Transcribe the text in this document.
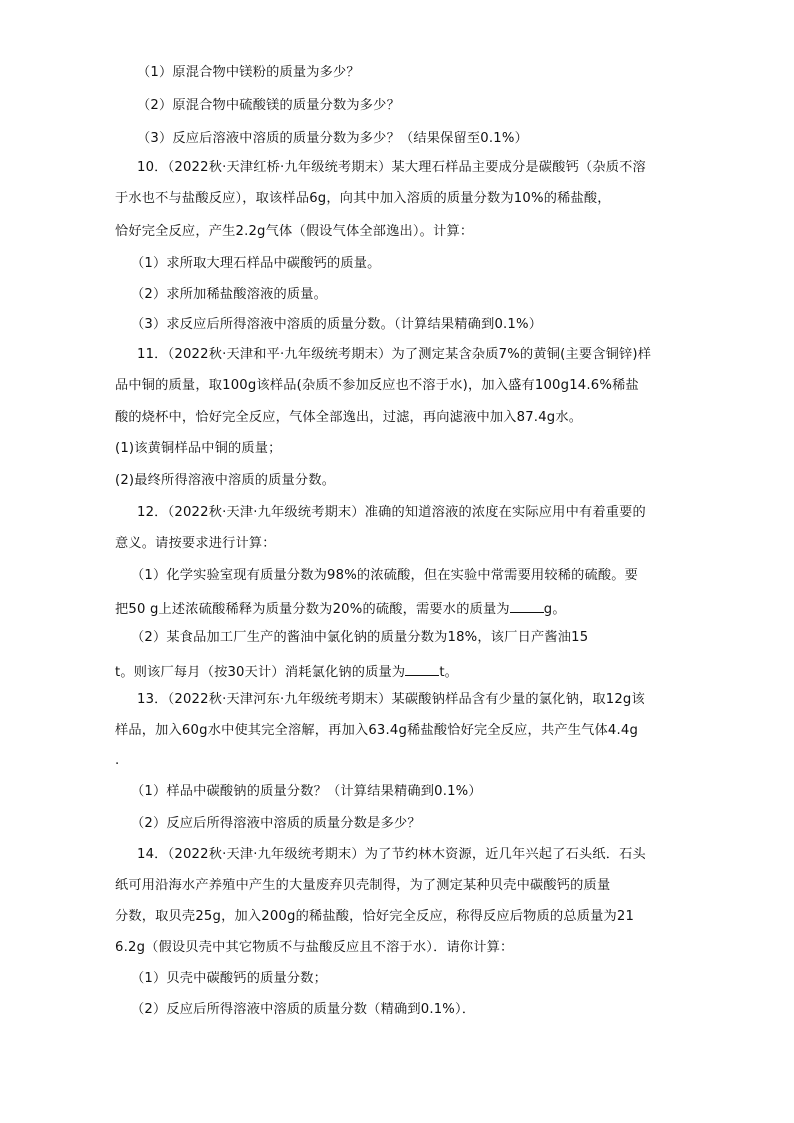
（1）原混合物中镁粉的质量为多少？
（2）原混合物中硫酸镁的质量分数为多少？
（3）反应后溶液中溶质的质量分数为多少？（结果保留至0.1%）
10．（2022秋·天津红桥·九年级统考期末）某大理石样品主要成分是碳酸钙（杂质不溶
于水也不与盐酸反应），取该样品6g，向其中加入溶质的质量分数为10%的稀盐酸，
恰好完全反应，产生2.2g气体（假设气体全部逸出）。计算：
（1）求所取大理石样品中碳酸钙的质量。
（2）求所加稀盐酸溶液的质量。
（3）求反应后所得溶液中溶质的质量分数。（计算结果精确到0.1%）
11．（2022秋·天津和平·九年级统考期末）为了测定某含杂质7%的黄铜(主要含铜锌)样
品中铜的质量，取100g该样品(杂质不参加反应也不溶于水)，加入盛有100g14.6%稀盐
酸的烧杯中，恰好完全反应，气体全部逸出，过滤，再向滤液中加入87.4g水。
(1)该黄铜样品中铜的质量；
(2)最终所得溶液中溶质的质量分数。
12．（2022秋·天津·九年级统考期末）准确的知道溶液的浓度在实际应用中有着重要的
意义。请按要求进行计算：
（1）化学实验室现有质量分数为98%的浓硫酸，但在实验中常需要用较稀的硫酸。要
把50 g上述浓硫酸稀释为质量分数为20%的硫酸，需要水的质量为	g。
（2）某食品加工厂生产的酱油中氯化钠的质量分数为18%，该厂日产酱油15
t。则该厂每月（按30天计）消耗氯化钠的质量为	t。
13．（2022秋·天津河东·九年级统考期末）某碳酸钠样品含有少量的氯化钠，取12g该
样品，加入60g水中使其完全溶解，再加入63.4g稀盐酸恰好完全反应，共产生气体4.4g
.
（1）样品中碳酸钠的质量分数？（计算结果精确到0.1%）
（2）反应后所得溶液中溶质的质量分数是多少？
14．（2022秋·天津·九年级统考期末）为了节约林木资源，近几年兴起了石头纸．石头
纸可用沿海水产养殖中产生的大量废弃贝壳制得，为了测定某种贝壳中碳酸钙的质量
分数，取贝壳25g，加入200g的稀盐酸，恰好完全反应，称得反应后物质的总质量为21
6.2g（假设贝壳中其它物质不与盐酸反应且不溶于水）．请你计算：
（1）贝壳中碳酸钙的质量分数；
（2）反应后所得溶液中溶质的质量分数（精确到0.1%）．
